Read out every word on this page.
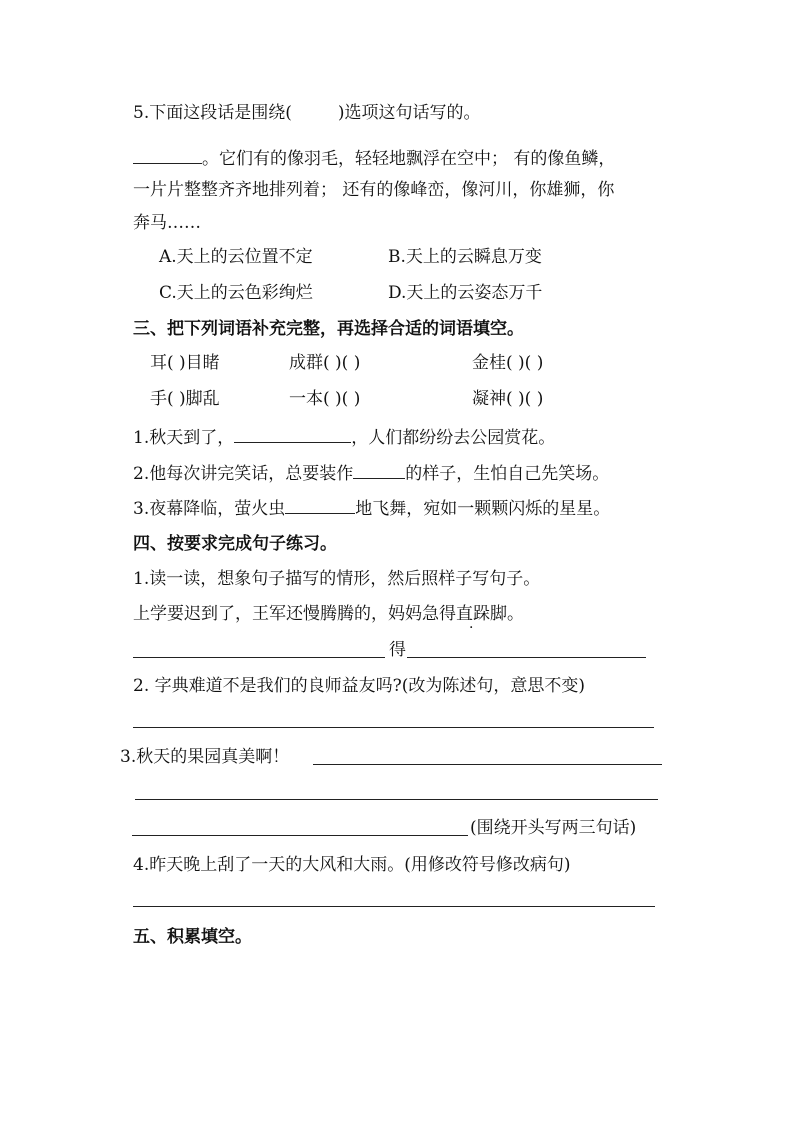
5.下面这段话是围绕(	)选项这句话写的。
。它们有的像羽毛，轻轻地飘浮在空中； 有的像鱼鳞，
一片片整整齐齐地排列着； 还有的像峰峦，像河川，你雄狮，你
奔马……
A.天上的云位置不定	B.天上的云瞬息万变
C.天上的云色彩绚烂	D.天上的云姿态万千
三、把下列词语补充完整，再选择合适的词语填空。
耳( )目睹	成群( )( )	金桂( )( )
手( )脚乱	一本( )( )	凝神( )( )
1.秋天到了，	，人们都纷纷去公园赏花。
2.他每次讲完笑话，总要装作	的样子，生怕自己先笑场。
3.夜幕降临，萤火虫	地飞舞，宛如一颗颗闪烁的星星。
四、按要求完成句子练习。
1.读一读，想象句子描写的情形，然后照样子写句子。
上学要迟到了，王军还慢腾腾的，妈妈急得直跺脚。
·
得
2. 字典难道不是我们的良师益友吗?(改为陈述句，意思不变)
3.秋天的果园真美啊！
(围绕开头写两三句话)
4.昨天晚上刮了一天的大风和大雨。(用修改符号修改病句)
五、积累填空。
